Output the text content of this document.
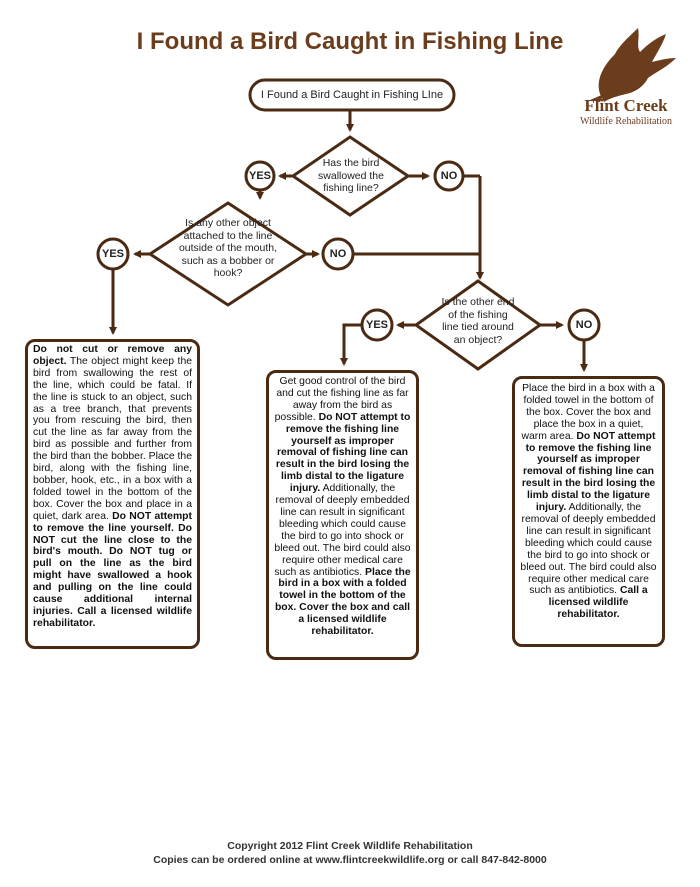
I Found a Bird Caught in Fishing Line
Flint Creek
Wildlife Rehabilitation
I Found a Bird Caught in Fishing LIne
Has the bird swallowed the fishing line?
Is any other object attached to the line outside of the mouth, such as a bobber or hook?
Is the other end of the fishing line tied around an object?
YES	NO
YES	NO
YES	NO
Do not cut or remove any object. The object might keep the bird from swallowing the rest of the line, which could be fatal. If the line is stuck to an object, such as a tree branch, that prevents you from rescuing the bird, then cut the line as far away from the bird as possible and further from the bird than the bobber. Place the bird, along with the fishing line, bobber, hook, etc., in a box with a folded towel in the bottom of the box. Cover the box and place in a quiet, dark area. Do NOT attempt to remove the line yourself. Do NOT cut the line close to the bird's mouth. Do NOT tug or pull on the line as the bird might have swallowed a hook and pulling on the line could cause additional internal injuries. Call a licensed wildlife rehabilitator.
Get good control of the bird and cut the fishing line as far away from the bird as possible. Do NOT attempt to remove the fishing line yourself as improper removal of fishing line can result in the bird losing the limb distal to the ligature injury. Additionally, the removal of deeply embedded line can result in significant bleeding which could cause the bird to go into shock or bleed out. The bird could also require other medical care such as antibiotics. Place the bird in a box with a folded towel in the bottom of the box. Cover the box and call a licensed wildlife rehabilitator.
Place the bird in a box with a folded towel in the bottom of the box. Cover the box and place the box in a quiet, warm area. Do NOT attempt to remove the fishing line yourself as improper removal of fishing line can result in the bird losing the limb distal to the ligature injury. Additionally, the removal of deeply embedded line can result in significant bleeding which could cause the bird to go into shock or bleed out. The bird could also require other medical care such as antibiotics. Call a licensed wildlife rehabilitator.
Copyright 2012 Flint Creek Wildlife Rehabilitation
Copies can be ordered online at www.flintcreekwildlife.org or call 847-842-8000
